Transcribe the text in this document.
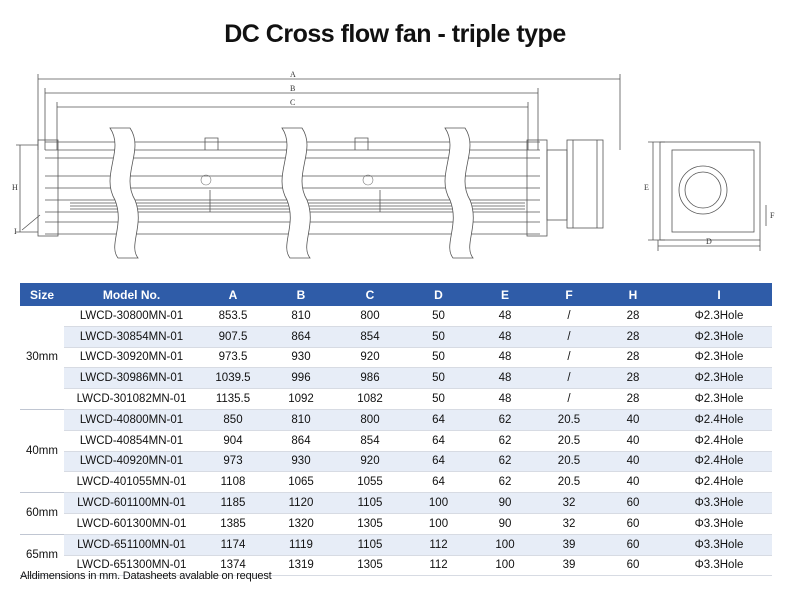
DC Cross flow fan - triple type
A
B
C
H
I
E
F
D
Size	Model No.	A	B	C	D	E	F	H	I
30mm	LWCD-30800MN-01	853.5	810	800	50	48	/	28	Φ2.3Hole
	LWCD-30854MN-01	907.5	864	854	50	48	/	28	Φ2.3Hole
	LWCD-30920MN-01	973.5	930	920	50	48	/	28	Φ2.3Hole
	LWCD-30986MN-01	1039.5	996	986	50	48	/	28	Φ2.3Hole
	LWCD-301082MN-01	1135.5	1092	1082	50	48	/	28	Φ2.3Hole
40mm	LWCD-40800MN-01	850	810	800	64	62	20.5	40	Φ2.4Hole
	LWCD-40854MN-01	904	864	854	64	62	20.5	40	Φ2.4Hole
	LWCD-40920MN-01	973	930	920	64	62	20.5	40	Φ2.4Hole
	LWCD-401055MN-01	1108	1065	1055	64	62	20.5	40	Φ2.4Hole
60mm	LWCD-601100MN-01	1185	1120	1105	100	90	32	60	Φ3.3Hole
	LWCD-601300MN-01	1385	1320	1305	100	90	32	60	Φ3.3Hole
65mm	LWCD-651100MN-01	1174	1119	1105	112	100	39	60	Φ3.3Hole
	LWCD-651300MN-01	1374	1319	1305	112	100	39	60	Φ3.3Hole
Alldimensions in mm. Datasheets avalable on request
